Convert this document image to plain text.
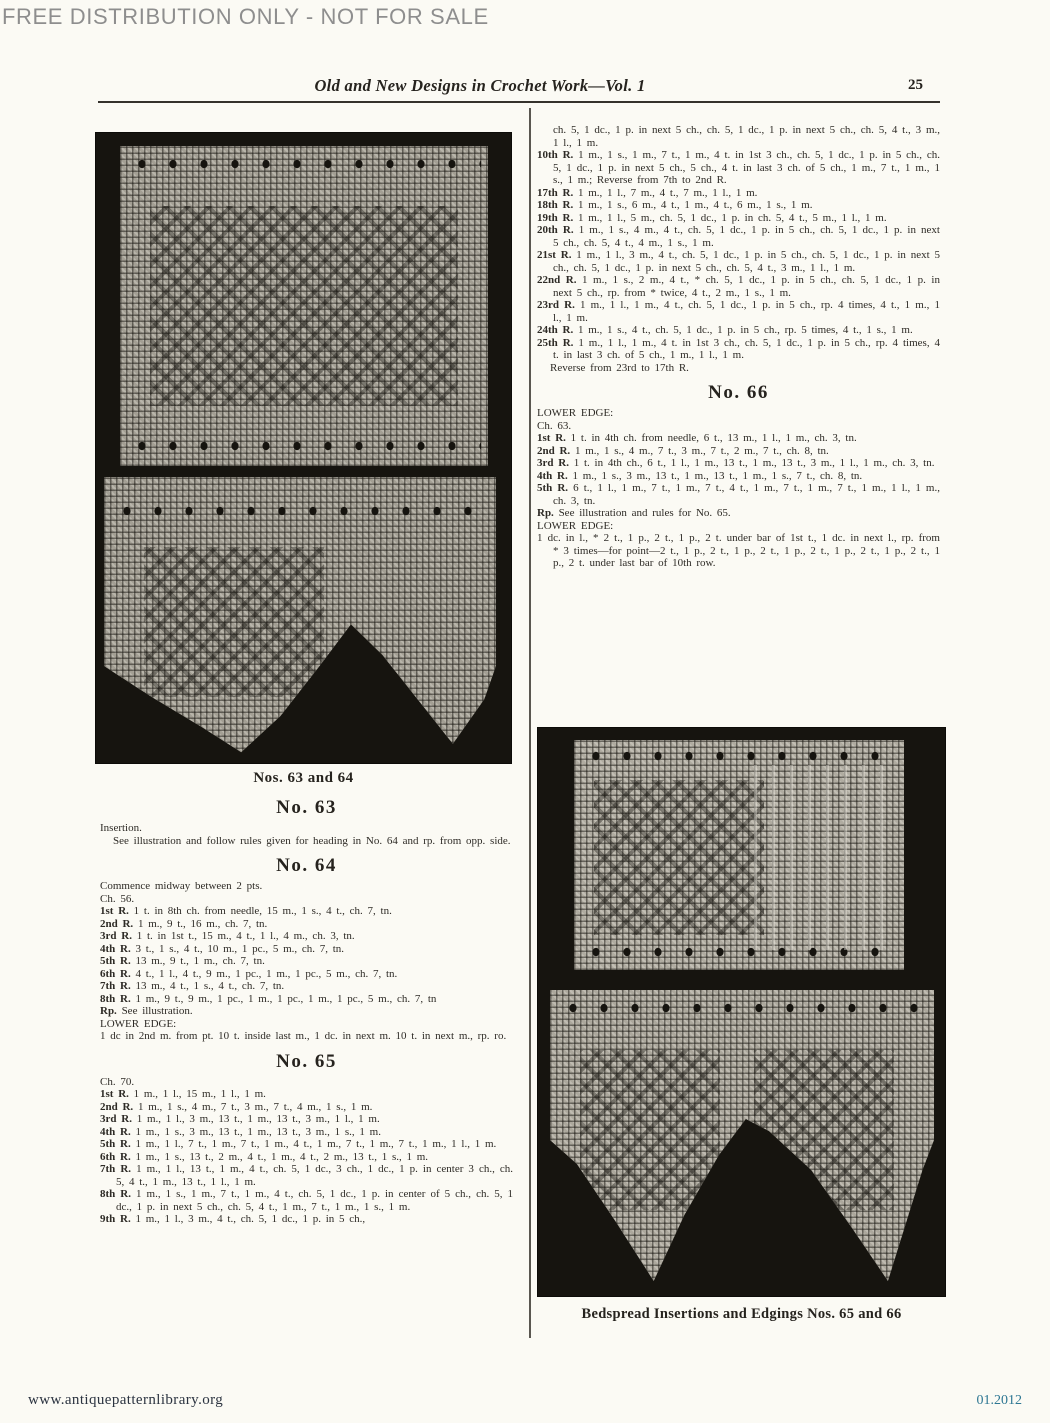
FREE DISTRIBUTION ONLY - NOT FOR SALE
Old and New Designs in Crochet Work—Vol. 1	25
Nos. 63 and 64
No. 63

Insertion.

See illustration and follow rules given for heading in No. 64 and rp. from opp. side.

No. 64

Commence midway between 2 pts.

Ch. 56.

1st R. 1 t. in 8th ch. from needle, 15 m., 1 s., 4 t., ch. 7, tn.

2nd R. 1 m., 9 t., 16 m., ch. 7, tn.

3rd R. 1 t. in 1st t., 15 m., 4 t., 1 l., 4 m., ch. 3, tn.

4th R. 3 t., 1 s., 4 t., 10 m., 1 pc., 5 m., ch. 7, tn.

5th R. 13 m., 9 t., 1 m., ch. 7, tn.

6th R. 4 t., 1 l., 4 t., 9 m., 1 pc., 1 m., 1 pc., 5 m., ch. 7, tn.

7th R. 13 m., 4 t., 1 s., 4 t., ch. 7, tn.

8th R. 1 m., 9 t., 9 m., 1 pc., 1 m., 1 pc., 1 m., 1 pc., 5 m., ch. 7, tn

Rp. See illustration.

LOWER EDGE:

1 dc in 2nd m. from pt. 10 t. inside last m., 1 dc. in next m. 10 t. in next m., rp. ro.

No. 65

Ch. 70.

1st R. 1 m., 1 l., 15 m., 1 l., 1 m.

2nd R. 1 m., 1 s., 4 m., 7 t., 3 m., 7 t., 4 m., 1 s., 1 m.

3rd R. 1 m., 1 l., 3 m., 13 t., 1 m., 13 t., 3 m., 1 l., 1 m.

4th R. 1 m., 1 s., 3 m., 13 t., 1 m., 13 t., 3 m., 1 s., 1 m.

5th R. 1 m., 1 l., 7 t., 1 m., 7 t., 1 m., 4 t., 1 m., 7 t., 1 m., 7 t., 1 m., 1 l., 1 m.

6th R. 1 m., 1 s., 13 t., 2 m., 4 t., 1 m., 4 t., 2 m., 13 t., 1 s., 1 m.

7th R. 1 m., 1 l., 13 t., 1 m., 4 t., ch. 5, 1 dc., 3 ch., 1 dc., 1 p. in center 3 ch., ch. 5, 4 t., 1 m., 13 t., 1 l., 1 m.

8th R. 1 m., 1 s., 1 m., 7 t., 1 m., 4 t., ch. 5, 1 dc., 1 p. in center of 5 ch., ch. 5, 1 dc., 1 p. in next 5 ch., ch. 5, 4 t., 1 m., 7 t., 1 m., 1 s., 1 m.

9th R. 1 m., 1 l., 3 m., 4 t., ch. 5, 1 dc., 1 p. in 5 ch.,

ch. 5, 1 dc., 1 p. in next 5 ch., ch. 5, 1 dc., 1 p. in next 5 ch., ch. 5, 4 t., 3 m., 1 l., 1 m.

10th R. 1 m., 1 s., 1 m., 7 t., 1 m., 4 t. in 1st 3 ch., ch. 5, 1 dc., 1 p. in 5 ch., ch. 5, 1 dc., 1 p. in next 5 ch., 5 ch., 4 t. in last 3 ch. of 5 ch., 1 m., 7 t., 1 m., 1 s., 1 m.; Reverse from 7th to 2nd R.

17th R. 1 m., 1 l., 7 m., 4 t., 7 m., 1 l., 1 m.

18th R. 1 m., 1 s., 6 m., 4 t., 1 m., 4 t., 6 m., 1 s., 1 m.

19th R. 1 m., 1 l., 5 m., ch. 5, 1 dc., 1 p. in ch. 5, 4 t., 5 m., 1 l., 1 m.

20th R. 1 m., 1 s., 4 m., 4 t., ch. 5, 1 dc., 1 p. in 5 ch., ch. 5, 1 dc., 1 p. in next 5 ch., ch. 5, 4 t., 4 m., 1 s., 1 m.

21st R. 1 m., 1 l., 3 m., 4 t., ch. 5, 1 dc., 1 p. in 5 ch., ch. 5, 1 dc., 1 p. in next 5 ch., ch. 5, 1 dc., 1 p. in next 5 ch., ch. 5, 4 t., 3 m., 1 l., 1 m.

22nd R. 1 m., 1 s., 2 m., 4 t., * ch. 5, 1 dc., 1 p. in 5 ch., ch. 5, 1 dc., 1 p. in next 5 ch., rp. from * twice, 4 t., 2 m., 1 s., 1 m.

23rd R. 1 m., 1 l., 1 m., 4 t., ch. 5, 1 dc., 1 p. in 5 ch., rp. 4 times, 4 t., 1 m., 1 l., 1 m.

24th R. 1 m., 1 s., 4 t., ch. 5, 1 dc., 1 p. in 5 ch., rp. 5 times, 4 t., 1 s., 1 m.

25th R. 1 m., 1 l., 1 m., 4 t. in 1st 3 ch., ch. 5, 1 dc., 1 p. in 5 ch., rp. 4 times, 4 t. in last 3 ch. of 5 ch., 1 m., 1 l., 1 m.

Reverse from 23rd to 17th R.

No. 66

LOWER EDGE:

Ch. 63.

1st R. 1 t. in 4th ch. from needle, 6 t., 13 m., 1 l., 1 m., ch. 3, tn.

2nd R. 1 m., 1 s., 4 m., 7 t., 3 m., 7 t., 2 m., 7 t., ch. 8, tn.

3rd R. 1 t. in 4th ch., 6 t., 1 l., 1 m., 13 t., 1 m., 13 t., 3 m., 1 l., 1 m., ch. 3, tn.

4th R. 1 m., 1 s., 3 m., 13 t., 1 m., 13 t., 1 m., 1 s., 7 t., ch. 8, tn.

5th R. 6 t., 1 l., 1 m., 7 t., 1 m., 7 t., 4 t., 1 m., 7 t., 1 m., 7 t., 1 m., 1 l., 1 m., ch. 3, tn.

Rp. See illustration and rules for No. 65.

LOWER EDGE:

1 dc. in l., * 2 t., 1 p., 2 t., 1 p., 2 t. under bar of 1st t., 1 dc. in next l., rp. from * 3 times—for point—2 t., 1 p., 2 t., 1 p., 2 t., 1 p., 2 t., 1 p., 2 t., 1 p., 2 t., 1 p., 2 t. under last bar of 10th row.

Bedspread Insertions and Edgings Nos. 65 and 66
www.antiquepatternlibrary.org	01.2012
